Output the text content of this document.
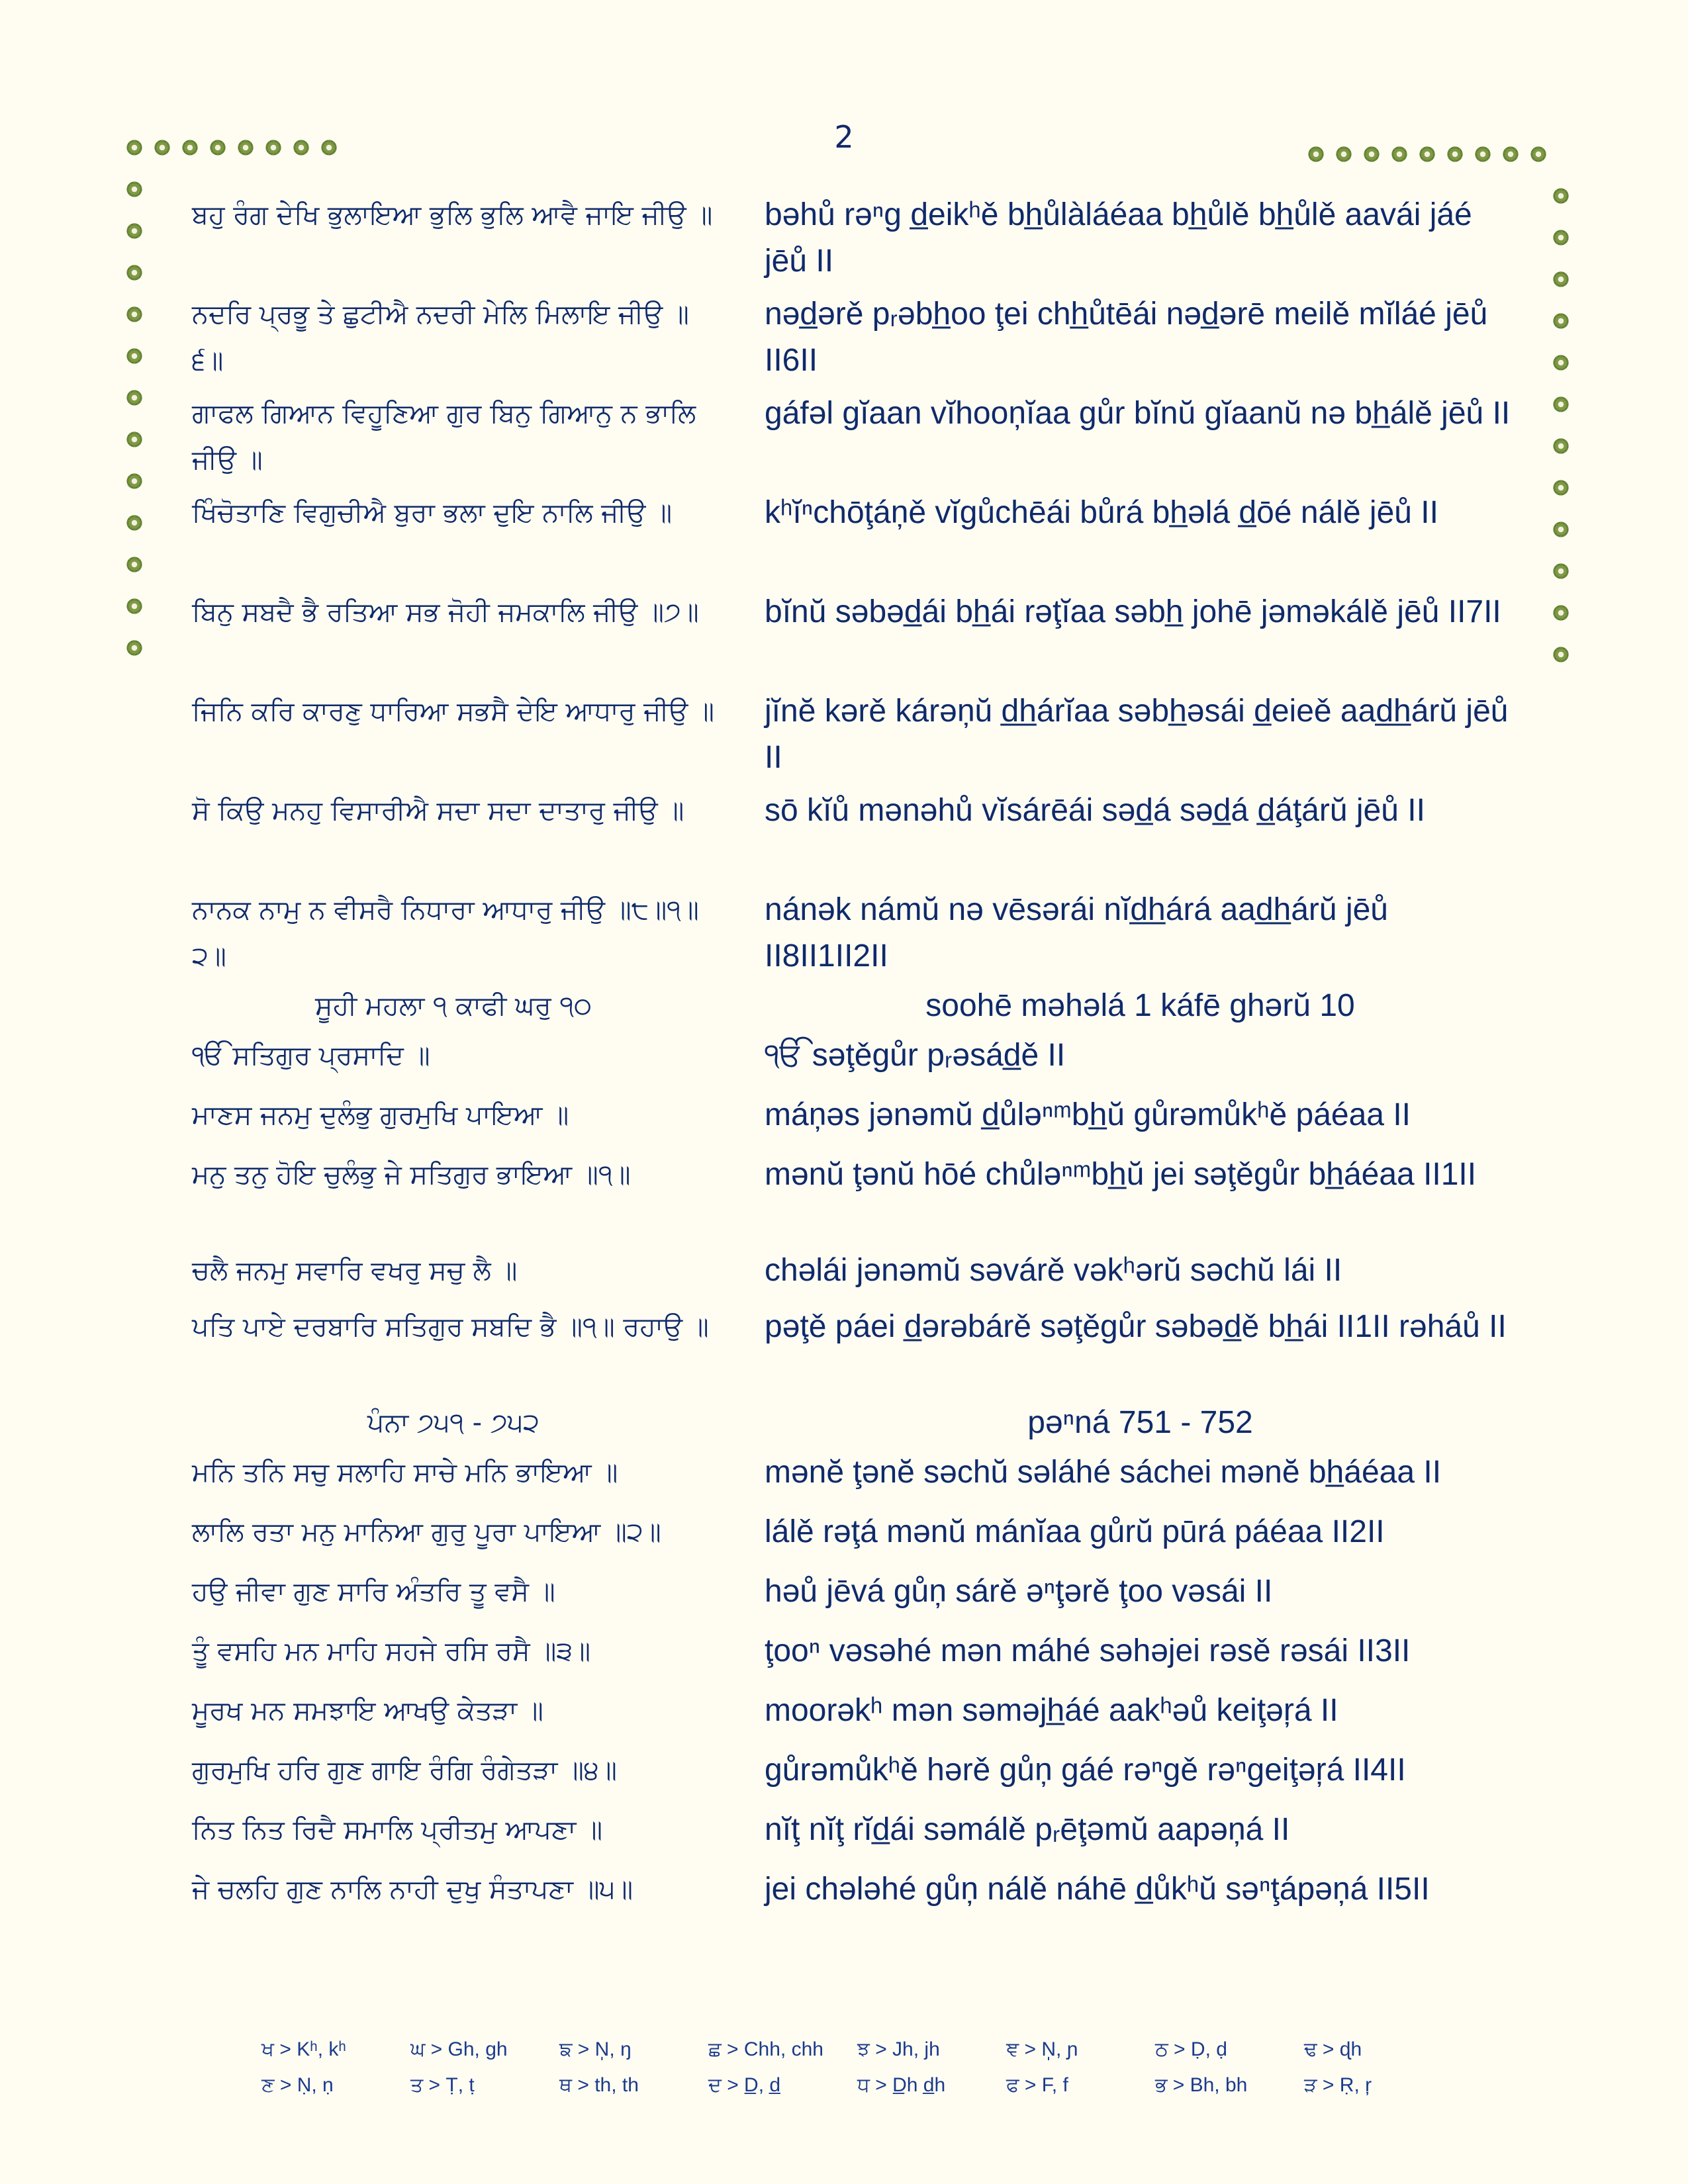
2
ਬਹੁ ਰੰਗ ਦੇਖਿ ਭੁਲਾਇਆ ਭੁਲਿ ਭੁਲਿ ਆਵੈ ਜਾਇ ਜੀਉ ॥ bəhů rəⁿg d̲eikʰě bh̲ůlàláéaa bh̲ůlě bh̲ůlě aavái jáé jēů II
ਨਦਰਿ ਪ੍ਰਭੂ ਤੇ ਛੁਟੀਐ ਨਦਰੀ ਮੇਲਿ ਮਿਲਾਇ ਜੀਉ ॥੬॥
nəd̲ərě pᵣəbh̲oo ţei chh̲ůtēái nəd̲ərē meilě mĭláé jēů II6II
ਗਾਫਲ ਗਿਆਨ ਵਿਹੂਣਿਆ ਗੁਰ ਬਿਨੁ ਗਿਆਨੁ ਨ ਭਾਲਿ ਜੀਉ ॥
gáfəl gĭaan vĭhooņĭaa gůr bĭnŭ gĭaanŭ nə bh̲álě jēů II
ਖਿੰਚੋਤਾਣਿ ਵਿਗੁਚੀਐ ਬੁਰਾ ਭਲਾ ਦੁਇ ਨਾਲਿ ਜੀਉ ॥	kʰĭⁿchōţáņě vĭgůchēái bůrá bh̲əlá d̲ōé nálě jēů II
ਬਿਨੁ ਸਬਦੈ ਭੈ ਰਤਿਆ ਸਭ ਜੋਹੀ ਜਮਕਾਲਿ ਜੀਉ ॥੭॥	bĭnŭ səbəd̲ái bh̲ái rəţĭaa səbh̲ johē jəməkálě jēů II7II
ਜਿਨਿ ਕਰਿ ਕਾਰਣੁ ਧਾਰਿਆ ਸਭਸੈ ਦੇਇ ਆਧਾਰੁ ਜੀਉ ॥ jĭnĕ kərě kárəņŭ d̲h̲árĭaa səbh̲əsái d̲eieě aad̲h̲árŭ jēů II
ਸੋ ਕਿਉ ਮਨਹੁ ਵਿਸਾਰੀਐ ਸਦਾ ਸਦਾ ਦਾਤਾਰੁ ਜੀਉ ॥	sō kĭů mənəhů vĭsárēái səd̲á səd̲á d̲áţárŭ jēů II
ਨਾਨਕ ਨਾਮੁ ਨ ਵੀਸਰੈ ਨਿਧਾਰਾ ਆਧਾਰੁ ਜੀਉ ॥੮॥੧॥੨॥
nánək námŭ nə vēsərái nĭd̲h̲árá aad̲h̲árŭ jēů II8II1II2II
ਸੂਹੀ ਮਹਲਾ ੧ ਕਾਫੀ ਘਰੁ ੧੦	soohē məhəlá 1 káfē ghərŭ 10
ੴ ਸਤਿਗੁਰ ਪ੍ਰਸਾਦਿ ॥	ੴ səţěgůr pᵣəsád̲ě II
ਮਾਣਸ ਜਨਮੁ ਦੁਲੰਭੁ ਗੁਰਮੁਖਿ ਪਾਇਆ ॥	máņəs jənəmŭ d̲ůləⁿᵐbh̲ŭ gůrəmůkʰě páéaa II
ਮਨੁ ਤਨੁ ਹੋਇ ਚੁਲੰਭੁ ਜੇ ਸਤਿਗੁਰ ਭਾਇਆ ॥੧॥	mənŭ ţənŭ hōé chůləⁿᵐbh̲ŭ jei səţěgůr bh̲áéaa II1II
ਚਲੈ ਜਨਮੁ ਸਵਾਰਿ ਵਖਰੁ ਸਚੁ ਲੈ ॥	chəlái jənəmŭ səvárě vəkʰərŭ səchŭ lái II
ਪਤਿ ਪਾਏ ਦਰਬਾਰਿ ਸਤਿਗੁਰ ਸਬਦਿ ਭੈ ॥੧॥ ਰਹਾਉ ॥ pəţě páei d̲ərəbárě səţěgůr səbəd̲ě bh̲ái II1II rəháů II
ਪੰਨਾ ੭੫੧ - ੭੫੨	pəⁿná 751 - 752
ਮਨਿ ਤਨਿ ਸਚੁ ਸਲਾਹਿ ਸਾਚੇ ਮਨਿ ਭਾਇਆ ॥	mənĕ ţənĕ səchŭ səláhé sáchei mənĕ bh̲áéaa II
ਲਾਲਿ ਰਤਾ ਮਨੁ ਮਾਨਿਆ ਗੁਰੁ ਪੂਰਾ ਪਾਇਆ ॥੨॥	lálě rəţá mənŭ mánĭaa gůrŭ pūrá páéaa II2II
ਹਉ ਜੀਵਾ ਗੁਣ ਸਾਰਿ ਅੰਤਰਿ ਤੂ ਵਸੈ ॥	həů jēvá gůņ sárě əⁿţərě ţoo vəsái II
ਤੂੰ ਵਸਹਿ ਮਨ ਮਾਹਿ ਸਹਜੇ ਰਸਿ ਰਸੈ ॥੩॥	ţooⁿ vəsəhé mən máhé səhəjei rəsě rəsái II3II
ਮੂਰਖ ਮਨ ਸਮਝਾਇ ਆਖਉ ਕੇਤੜਾ ॥	moorəkʰ mən səməjh̲áé aakʰəů keiţəŗá II
ਗੁਰਮੁਖਿ ਹਰਿ ਗੁਣ ਗਾਇ ਰੰਗਿ ਰੰਗੇਤੜਾ ॥੪॥	gůrəmůkʰě hərě gůņ gáé rəⁿgě rəⁿgeiţəŗá II4II
ਨਿਤ ਨਿਤ ਰਿਦੈ ਸਮਾਲਿ ਪ੍ਰੀਤਮੁ ਆਪਣਾ ॥	nĭţ nĭţ rĭd̲ái səmálě pᵣēţəmŭ aapəņá II
ਜੇ ਚਲਹਿ ਗੁਣ ਨਾਲਿ ਨਾਹੀ ਦੁਖੁ ਸੰਤਾਪਣਾ ॥੫॥	jei chələhé gůņ nálě náhē d̲ůkʰŭ səⁿţápəņá II5II
ਖ > Kʰ, kʰ	ਘ > Gh, gh	ਙ > N̩, ŋ	ਛ > Chh, chh	ਝ > Jh, jh	ਞ > N̩, ɲ	ਠ > Ḍ, ḍ	ਢ > ɖh
ਣ > Ṇ, ṇ	ਤ > Ṭ, ṭ	ਥ > th, th	ਦ > D̲, d̲	ਧ > D̲h d̲h	ਫ > F, f	ਭ > Bh, bh	ੜ > Ṛ, ŗ
